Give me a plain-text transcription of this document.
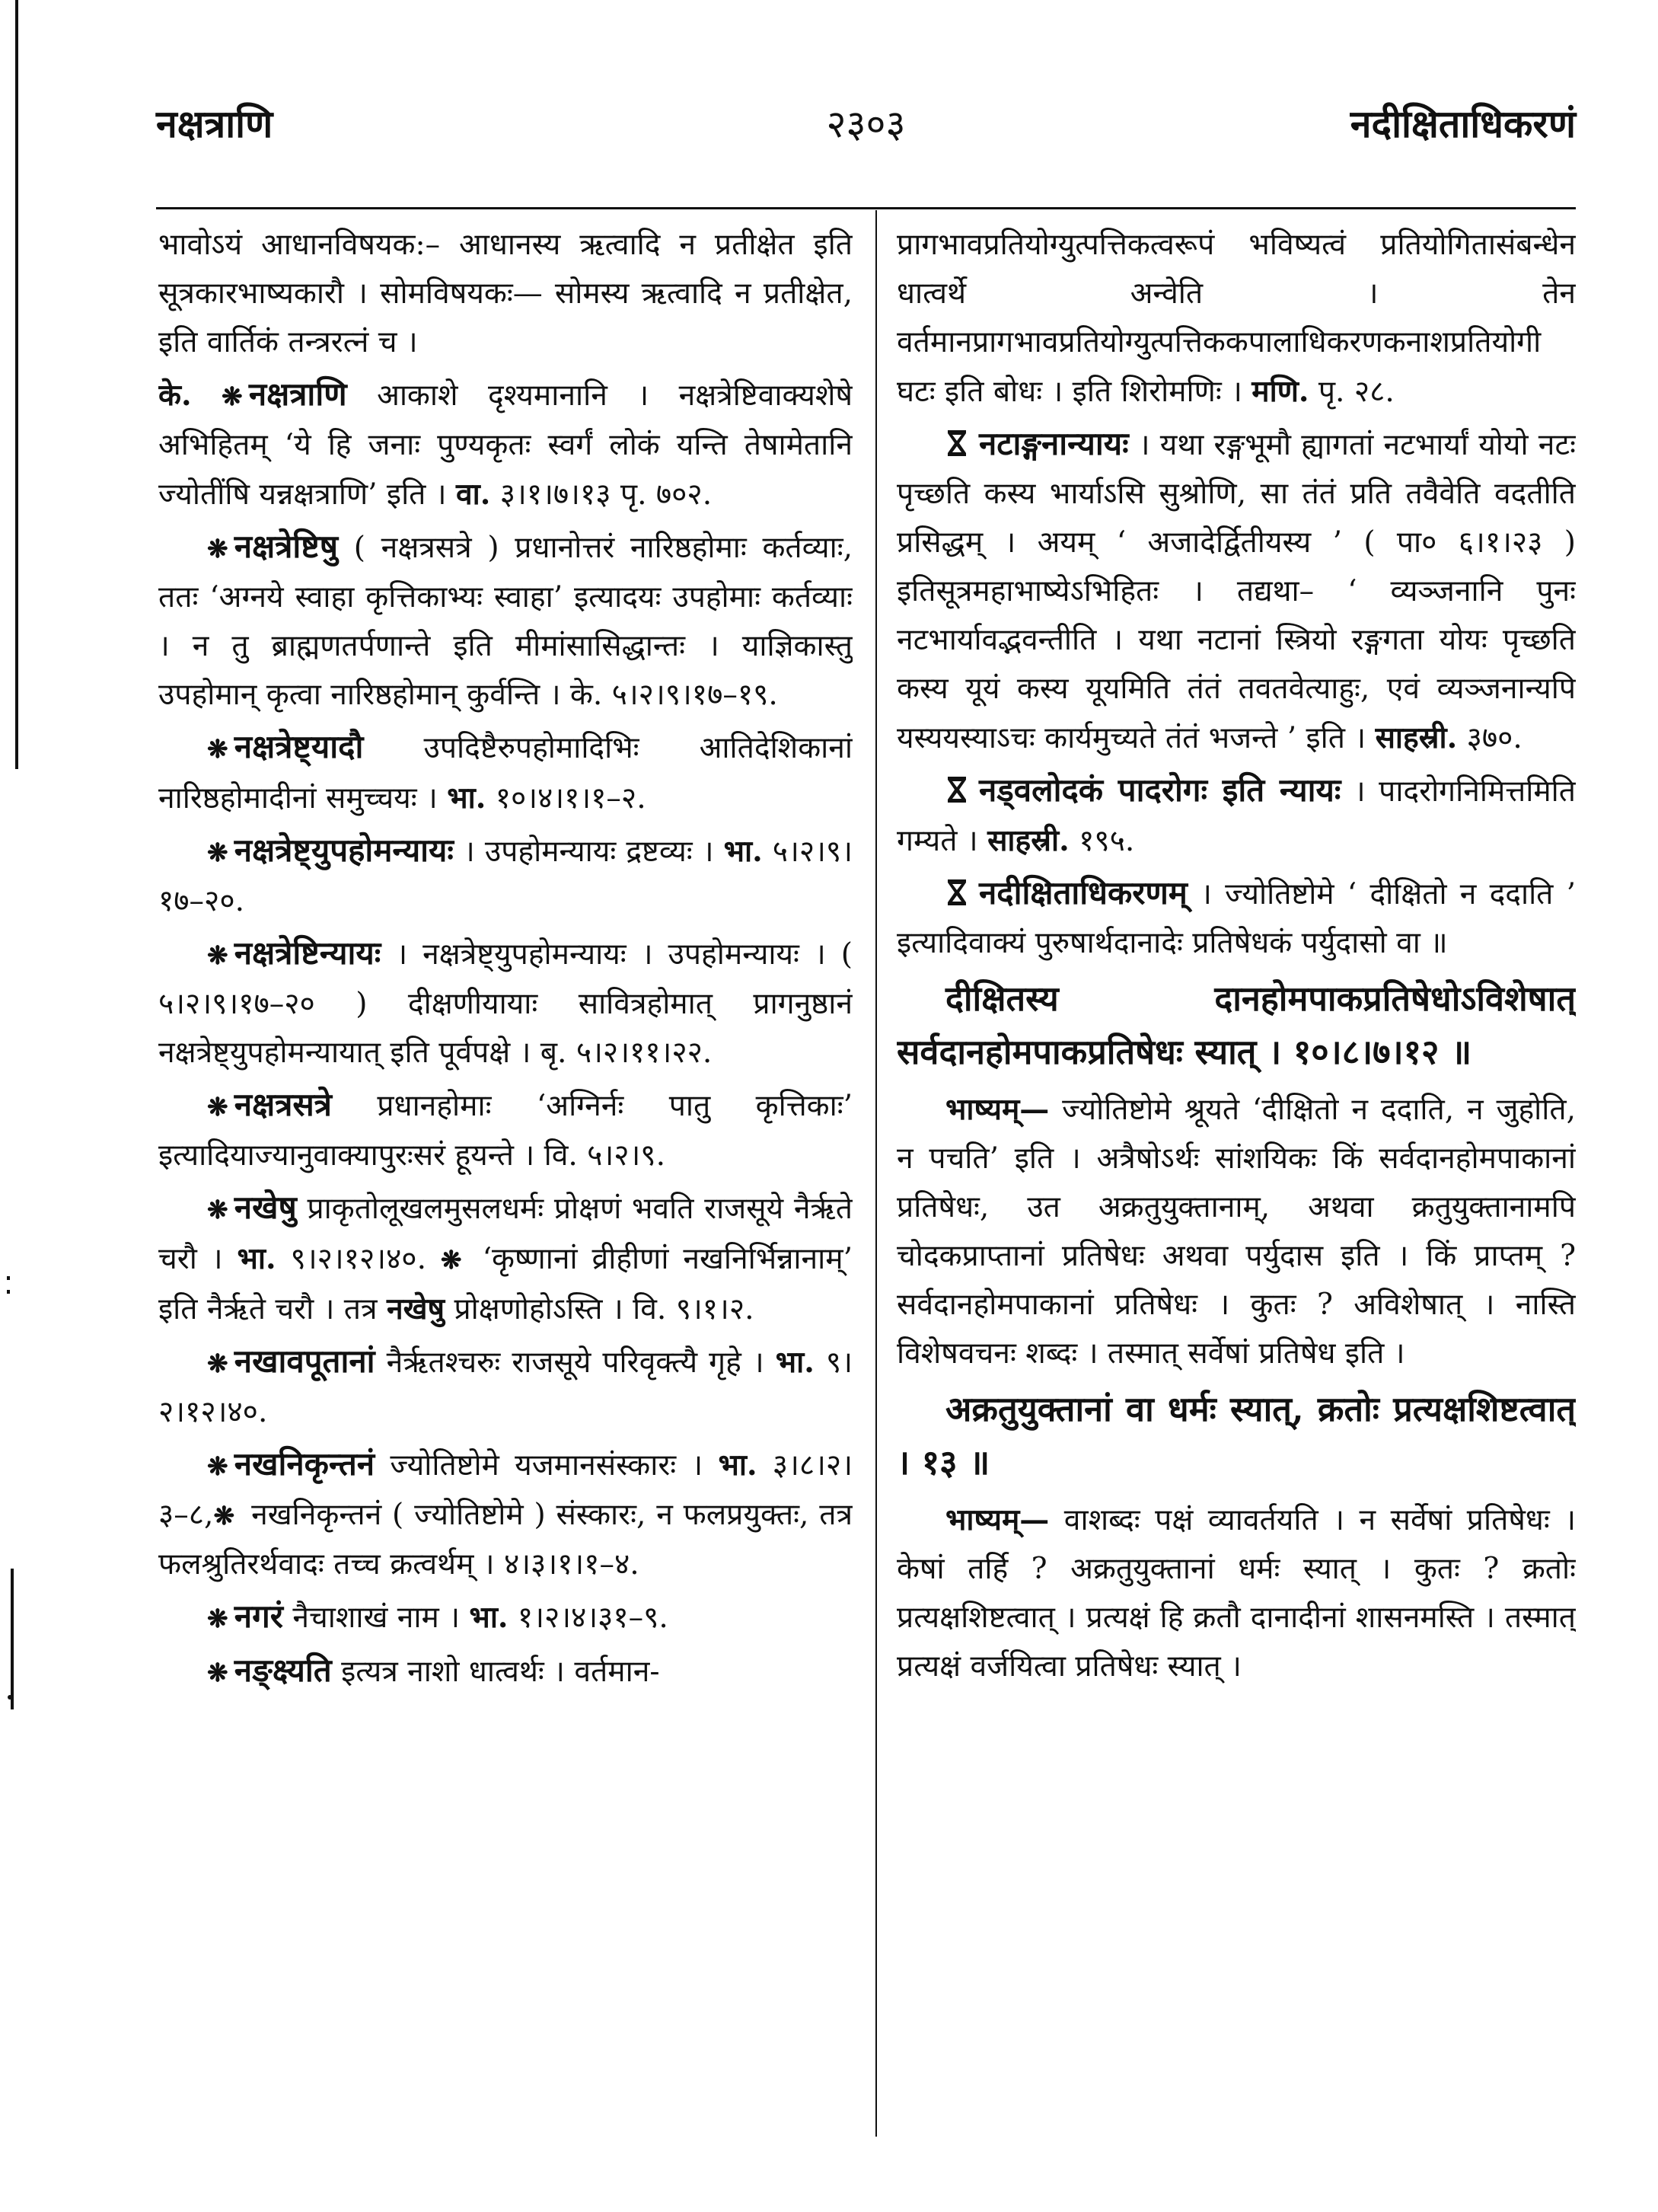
नक्षत्राणि	२३०३	नदीक्षिताधिकरणं

भावोऽयं आधानविषयक:– आधानस्य ऋत्वादि न प्रतीक्षेत इति सूत्रकारभाष्यकारौ । सोमविषयकः— सोमस्य ऋत्वादि न प्रतीक्षेत, इति वार्तिकं तन्त्ररत्नं च ।

के. ❋ नक्षत्राणि आकाशे दृश्यमानानि । नक्षत्रेष्टिवाक्यशेषे अभिहितम् ‘ये हि जनाः पुण्यकृतः स्वर्गं लोकं यन्ति तेषामेतानि ज्योतींषि यन्नक्षत्राणि’ इति । वा. ३।१।७।१३ पृ. ७०२.

❋ नक्षत्रेष्टिषु ( नक्षत्रसत्रे ) प्रधानोत्तरं नारिष्ठहोमाः कर्तव्याः, ततः ‘अग्नये स्वाहा कृत्तिकाभ्यः स्वाहा’ इत्यादयः उपहोमाः कर्तव्याः । न तु ब्राह्मणतर्पणान्ते इति मीमांसासिद्धान्तः । याज्ञिकास्तु उपहोमान् कृत्वा नारिष्ठहोमान् कुर्वन्ति । के. ५।२।९।१७–१९.

❋ नक्षत्रेष्ट्यादौ उपदिष्टैरुपहोमादिभिः आतिदेशिकानां नारिष्ठहोमादीनां समुच्चयः । भा. १०।४।१।१–२.

❋ नक्षत्रेष्ट्युपहोमन्यायः । उपहोमन्यायः द्रष्टव्यः । भा. ५।२।९।१७–२०.

❋ नक्षत्रेष्टिन्यायः । नक्षत्रेष्ट्युपहोमन्यायः । उपहोमन्यायः । ( ५।२।९।१७–२० ) दीक्षणीयायाः सावित्रहोमात् प्रागनुष्ठानं नक्षत्रेष्ट्युपहोमन्यायात् इति पूर्वपक्षे । बृ. ५।२।११।२२.

❋ नक्षत्रसत्रे प्रधानहोमाः ‘अग्निर्नः पातु कृत्तिकाः’ इत्यादियाज्यानुवाक्यापुरःसरं हूयन्ते । वि. ५।२।९.

❋ नखेषु प्राकृतोलूखलमुसलधर्मः प्रोक्षणं भवति राजसूये नैर्ऋते चरौ । भा. ९।२।१२।४०. ❋ ‘कृष्णानां व्रीहीणां नखनिर्भिन्नानाम्’ इति नैर्ऋते चरौ । तत्र नखेषु प्रोक्षणोहोऽस्ति । वि. ९।१।२.

❋ नखावपूतानां नैर्ऋतश्चरुः राजसूये परिवृक्त्यै गृहे । भा. ९।२।१२।४०.

❋ नखनिकृन्तनं ज्योतिष्टोमे यजमानसंस्कारः । भा. ३।८।२।३–८,❋ नखनिकृन्तनं ( ज्योतिष्टोमे ) संस्कारः, न फलप्रयुक्तः, तत्र फलश्रुतिरर्थवादः तच्च क्रत्वर्थम् । ४।३।१।१–४.

❋ नगरं नैचाशाखं नाम । भा. १।२।४।३१–९.

❋ नङ्क्ष्यति इत्यत्र नाशो धात्वर्थः । वर्तमान-

प्रागभावप्रतियोग्युत्पत्तिकत्वरूपं भविष्यत्वं प्रतियोगितासंबन्धेन धात्वर्थे अन्वेति । तेन वर्तमानप्रागभावप्रतियोग्युत्पत्तिककपालाधिकरणकनाशप्रतियोगी घटः इति बोधः । इति शिरोमणिः । मणि. पृ. २८.

नटाङ्गनान्यायः । यथा रङ्गभूमौ ह्यागतां नटभार्यां योयो नटः पृच्छति कस्य भार्याऽसि सुश्रोणि, सा तंतं प्रति तवैवेति वदतीति प्रसिद्धम् । अयम् ‘ अजादेर्द्वितीयस्य ’ ( पा० ६।१।२३ ) इतिसूत्रमहाभाष्येऽभिहितः । तद्यथा– ‘ व्यञ्जनानि पुनः नटभार्यावद्भवन्तीति । यथा नटानां स्त्रियो रङ्गगता योयः पृच्छति कस्य यूयं कस्य यूयमिति तंतं तवतवेत्याहुः, एवं व्यञ्जनान्यपि यस्ययस्याऽचः कार्यमुच्यते तंतं भजन्ते ’ इति । साहस्री. ३७०.

नड्वलोदकं पादरोगः इति न्यायः । पादरोगनिमित्तमिति गम्यते । साहस्री. १९५.

नदीक्षिताधिकरणम् । ज्योतिष्टोमे ‘ दीक्षितो न ददाति ’ इत्यादिवाक्यं पुरुषार्थदानादेः प्रतिषेधकं पर्युदासो वा ॥

दीक्षितस्य दानहोमपाकप्रतिषेधोऽविशेषात् सर्वदानहोमपाकप्रतिषेधः स्यात् । १०।८।७।१२ ॥

भाष्यम्— ज्योतिष्टोमे श्रूयते ‘दीक्षितो न ददाति, न जुहोति, न पचति’ इति । अत्रैषोऽर्थः सांशयिकः किं सर्वदानहोमपाकानां प्रतिषेधः, उत अक्रतुयुक्तानाम्, अथवा क्रतुयुक्तानामपि चोदकप्राप्तानां प्रतिषेधः अथवा पर्युदास इति । किं प्राप्तम् ? सर्वदानहोमपाकानां प्रतिषेधः । कुतः ? अविशेषात् । नास्ति विशेषवचनः शब्दः । तस्मात् सर्वेषां प्रतिषेध इति ।

अक्रतुयुक्तानां वा धर्मः स्यात्, क्रतोः प्रत्यक्षशिष्टत्वात् । १३ ॥

भाष्यम्— वाशब्दः पक्षं व्यावर्तयति । न सर्वेषां प्रतिषेधः । केषां तर्हि ? अक्रतुयुक्तानां धर्मः स्यात् । कुतः ? क्रतोः प्रत्यक्षशिष्टत्वात् । प्रत्यक्षं हि क्रतौ दानादीनां शासनमस्ति । तस्मात् प्रत्यक्षं वर्जयित्वा प्रतिषेधः स्यात् ।
